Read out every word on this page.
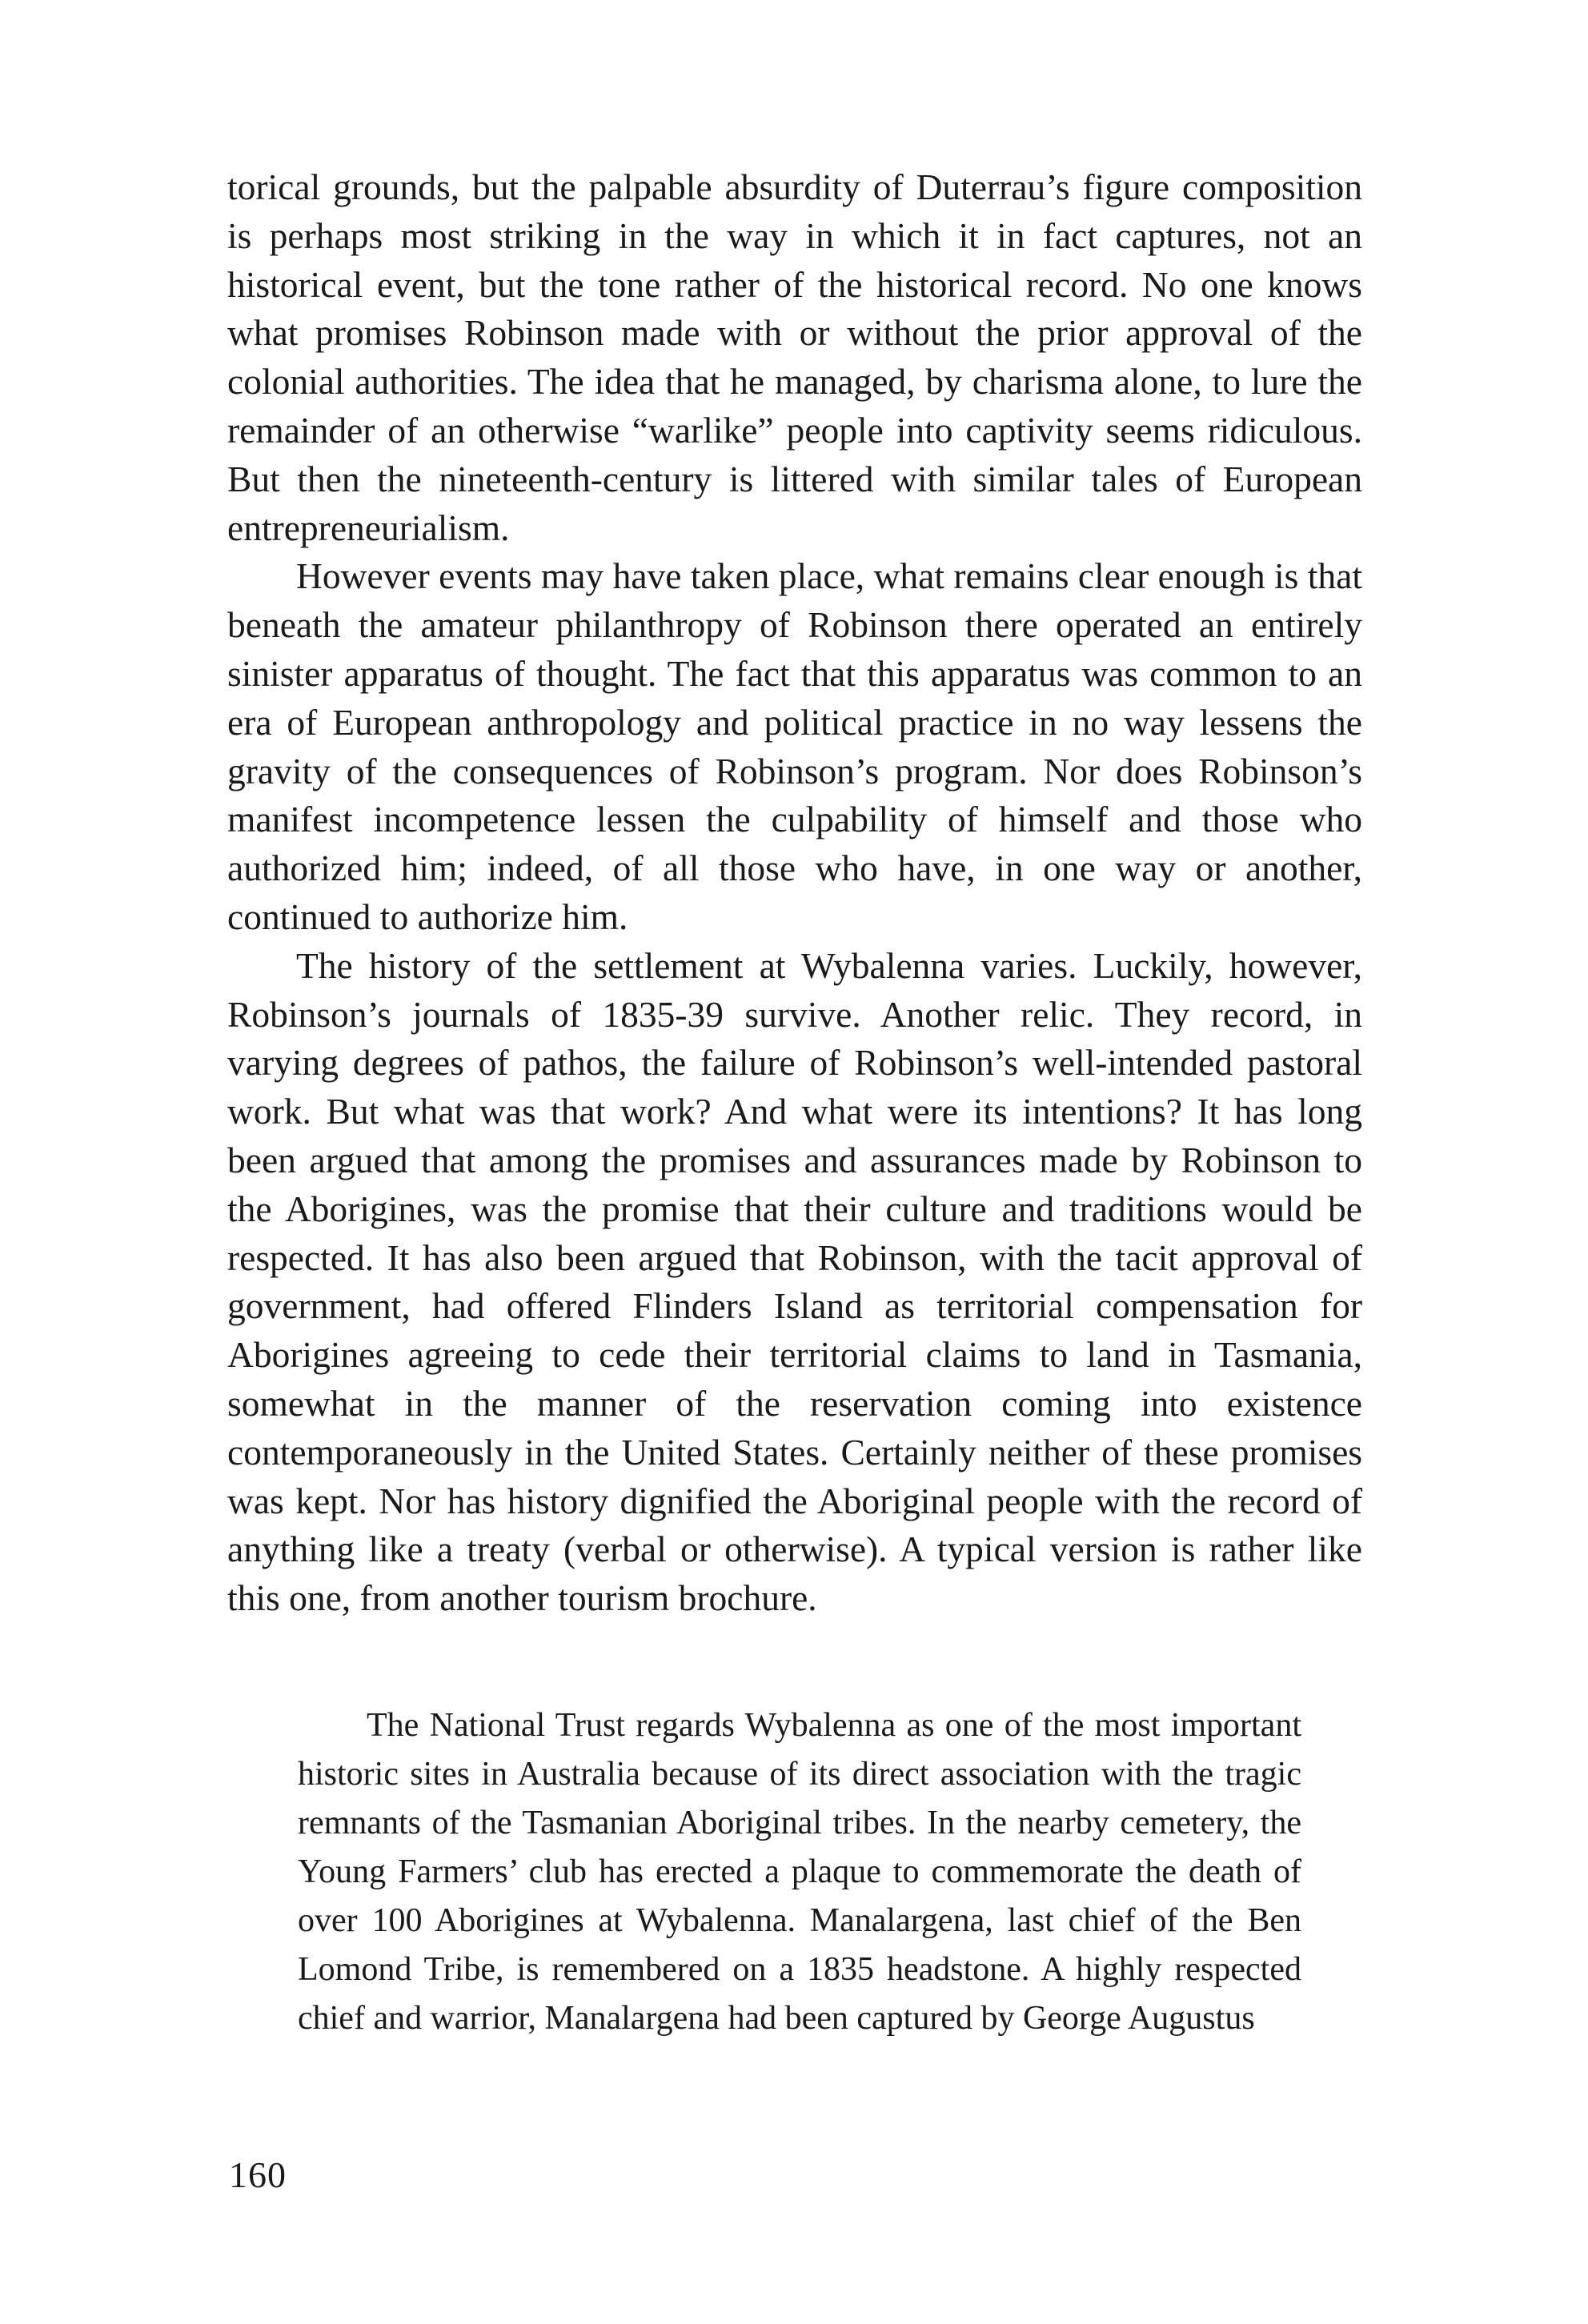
torical grounds, but the palpable absurdity of Duterrau’s figure composition is perhaps most striking in the way in which it in fact captures, not an historical event, but the tone rather of the historical record. No one knows what promises Robinson made with or without the prior approval of the colonial authorities. The idea that he managed, by charisma alone, to lure the remainder of an otherwise “warlike” people into captivity seems ridiculous. But then the nineteenth-century is littered with similar tales of European entrepreneurialism.

However events may have taken place, what remains clear enough is that beneath the amateur philanthropy of Robinson there operated an entirely sinister apparatus of thought. The fact that this apparatus was common to an era of European anthropology and political practice in no way lessens the gravity of the consequences of Robinson’s program. Nor does Robinson’s manifest incompetence lessen the culpability of himself and those who authorized him; indeed, of all those who have, in one way or another, continued to authorize him.

The history of the settlement at Wybalenna varies. Luckily, however, Robinson’s journals of 1835-39 survive. Another relic. They record, in varying degrees of pathos, the failure of Robinson’s well-intended pastoral work. But what was that work? And what were its intentions? It has long been argued that among the promises and assurances made by Robinson to the Aborigines, was the promise that their culture and traditions would be respected. It has also been argued that Robinson, with the tacit approval of government, had offered Flinders Island as territorial compensation for Aborigines agreeing to cede their territorial claims to land in Tasmania, somewhat in the manner of the reservation coming into existence contemporaneously in the United States. Certainly neither of these promises was kept. Nor has history dignified the Aboriginal people with the record of anything like a treaty (verbal or otherwise). A typical version is rather like this one, from another tourism brochure.

The National Trust regards Wybalenna as one of the most important historic sites in Australia because of its direct association with the tragic remnants of the Tasmanian Aboriginal tribes. In the nearby cemetery, the Young Farmers’ club has erected a plaque to commemorate the death of over 100 Aborigines at Wybalenna. Manalargena, last chief of the Ben Lomond Tribe, is remembered on a 1835 headstone. A highly respected chief and warrior, Manalargena had been captured by George Augustus

160
